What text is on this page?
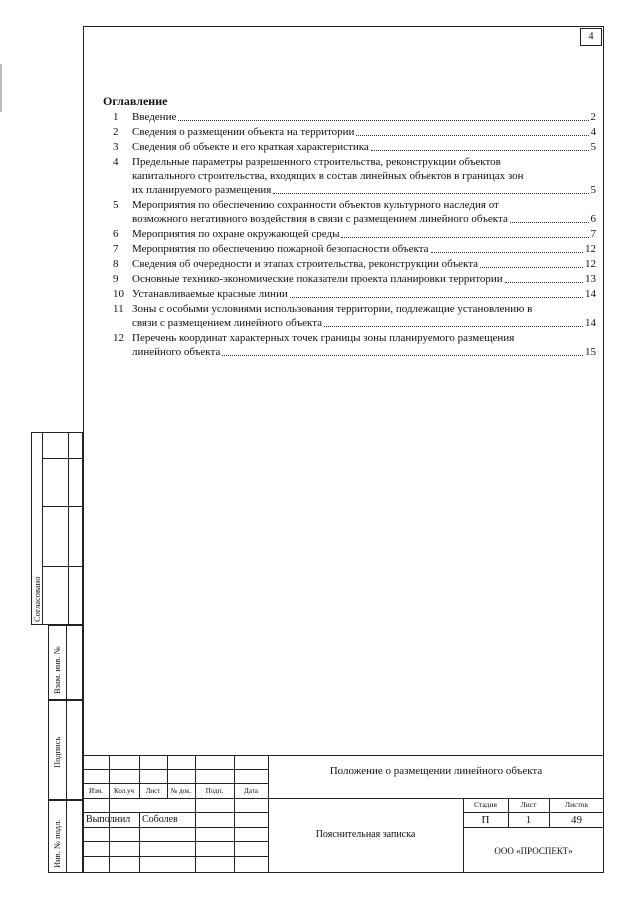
4
Оглавление
1	Введение	2
2	Сведения о размещении объекта на территории	4
3	Сведения об объекте и его краткая характеристика	5
4	Предельные параметры разрешенного строительства, реконструкции объектов
капитального строительства, входящих в состав линейных объектов в границах зон
их планируемого размещения	5
5	Мероприятия по обеспечению сохранности объектов культурного наследия от
возможного негативного воздействия в связи с размещением линейного объекта	6
6	Мероприятия по охране окружающей среды	7
7	Мероприятия по обеспечению пожарной безопасности объекта	12
8	Сведения об очередности и этапах строительства, реконструкции объекта	12
9	Основные технико-экономические показатели проекта планировки территории	13
10 Устанавливаемые красные линии	14
11 Зоны с особыми условиями использования территории, подлежащие установлению в
связи с размещением линейного объекта	14
12 Перечень координат характерных точек границы зоны планируемого размещения
линейного объекта	15
Согласовано
Взам. инв. №
Подпись
Инв. № подл.
Изм.	Кол.уч	Лист	№ док.	Подп.	Дата
Выполнил Соболев
Положение о размещении линейного объекта
Пояснительная записка
Стадия	Лист	Листов
П	1	49
ООО «ПРОСПЕКТ»
